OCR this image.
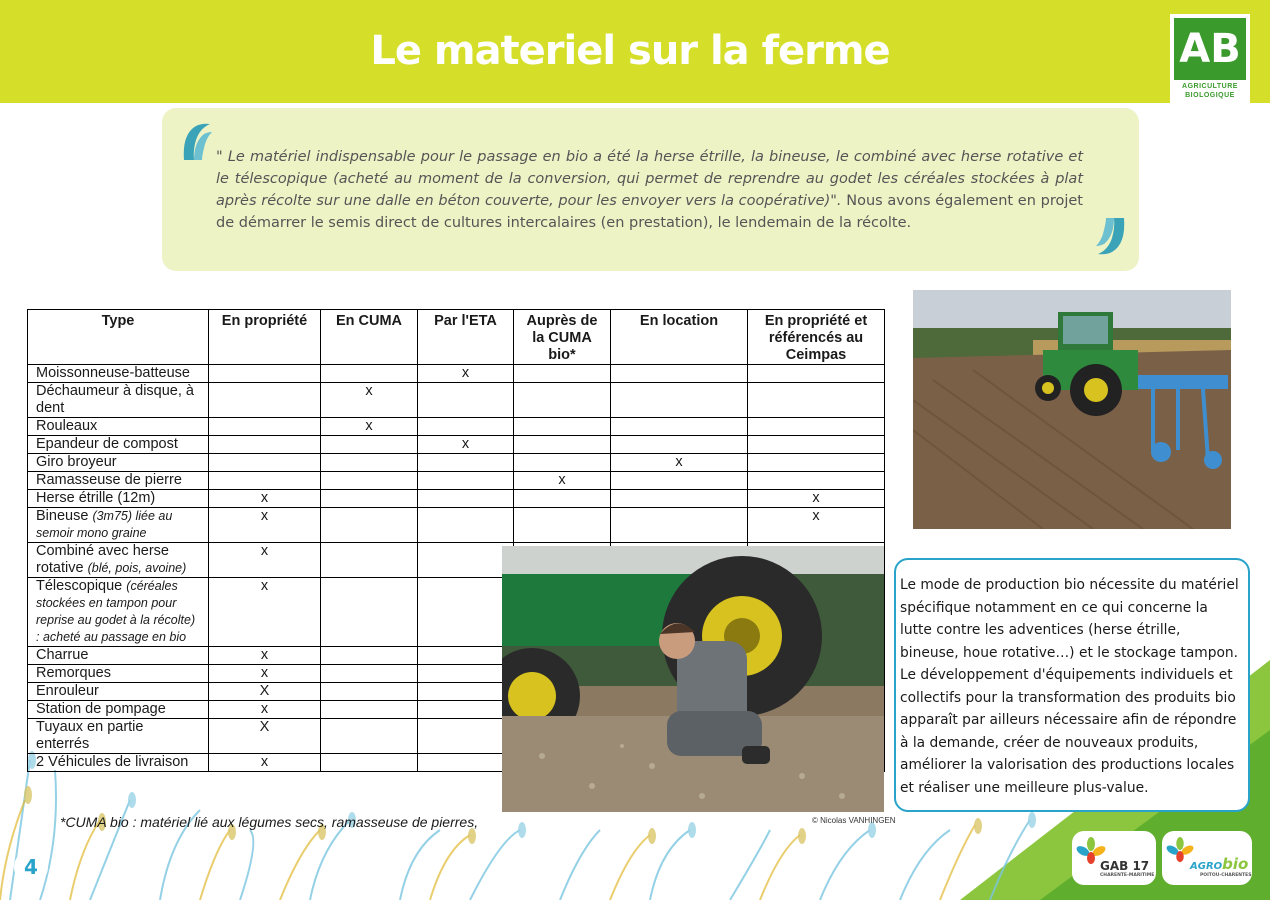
Le materiel sur la ferme	AB
AGRICULTURE
BIOLOGIQUE
" Le matériel indispensable pour le passage en bio a été la herse étrille, la bineuse, le combiné avec herse rotative et le télescopique (acheté au moment de la conversion, qui permet de reprendre au godet les céréales stockées à plat après récolte sur une dalle en béton couverte, pour les envoyer vers la coopérative)". Nous avons également en projet de démarrer le semis direct de cultures intercalaires (en prestation), le lendemain de la récolte.
Type	En propriété	En CUMA	Par l'ETA	Auprès de la CUMA bio*	En location	En propriété et référencés au Ceimpas
Moissonneuse-batteuse			x			
Déchaumeur à disque, à dent		x				
Rouleaux		x				
Epandeur de compost			x			
Giro broyeur					x	
Ramasseuse de pierre				x		
Herse étrille (12m)	x					x
Bineuse (3m75) liée au semoir mono graine	x					x
Combiné avec herse rotative (blé, pois, avoine)	x					
Télescopique (céréales stockées en tampon pour reprise au godet à la récolte) : acheté au passage en bio	x					
Charrue	x					
Remorques	x					
Enrouleur	X					
Station de pompage	x					
Tuyaux en partie enterrés	X					
2 Véhicules de livraison	x					
*CUMA bio : matériel lié aux légumes secs, ramasseuse de pierres,	© Nicolas VANHINGEN
Le mode de production bio nécessite du matériel spécifique notamment en ce qui concerne la lutte contre les adventices (herse étrille, bineuse, houe rotative…) et le stockage tampon.
Le développement d'équipements individuels et collectifs pour la transformation des produits bio apparaît par ailleurs nécessaire afin de répondre à la demande, créer de nouveaux produits, améliorer la valorisation des productions locales et réaliser une meilleure plus-value.
4	GAB 17
CHARENTE-MARITIME
AGRObio
POITOU-CHARENTES
